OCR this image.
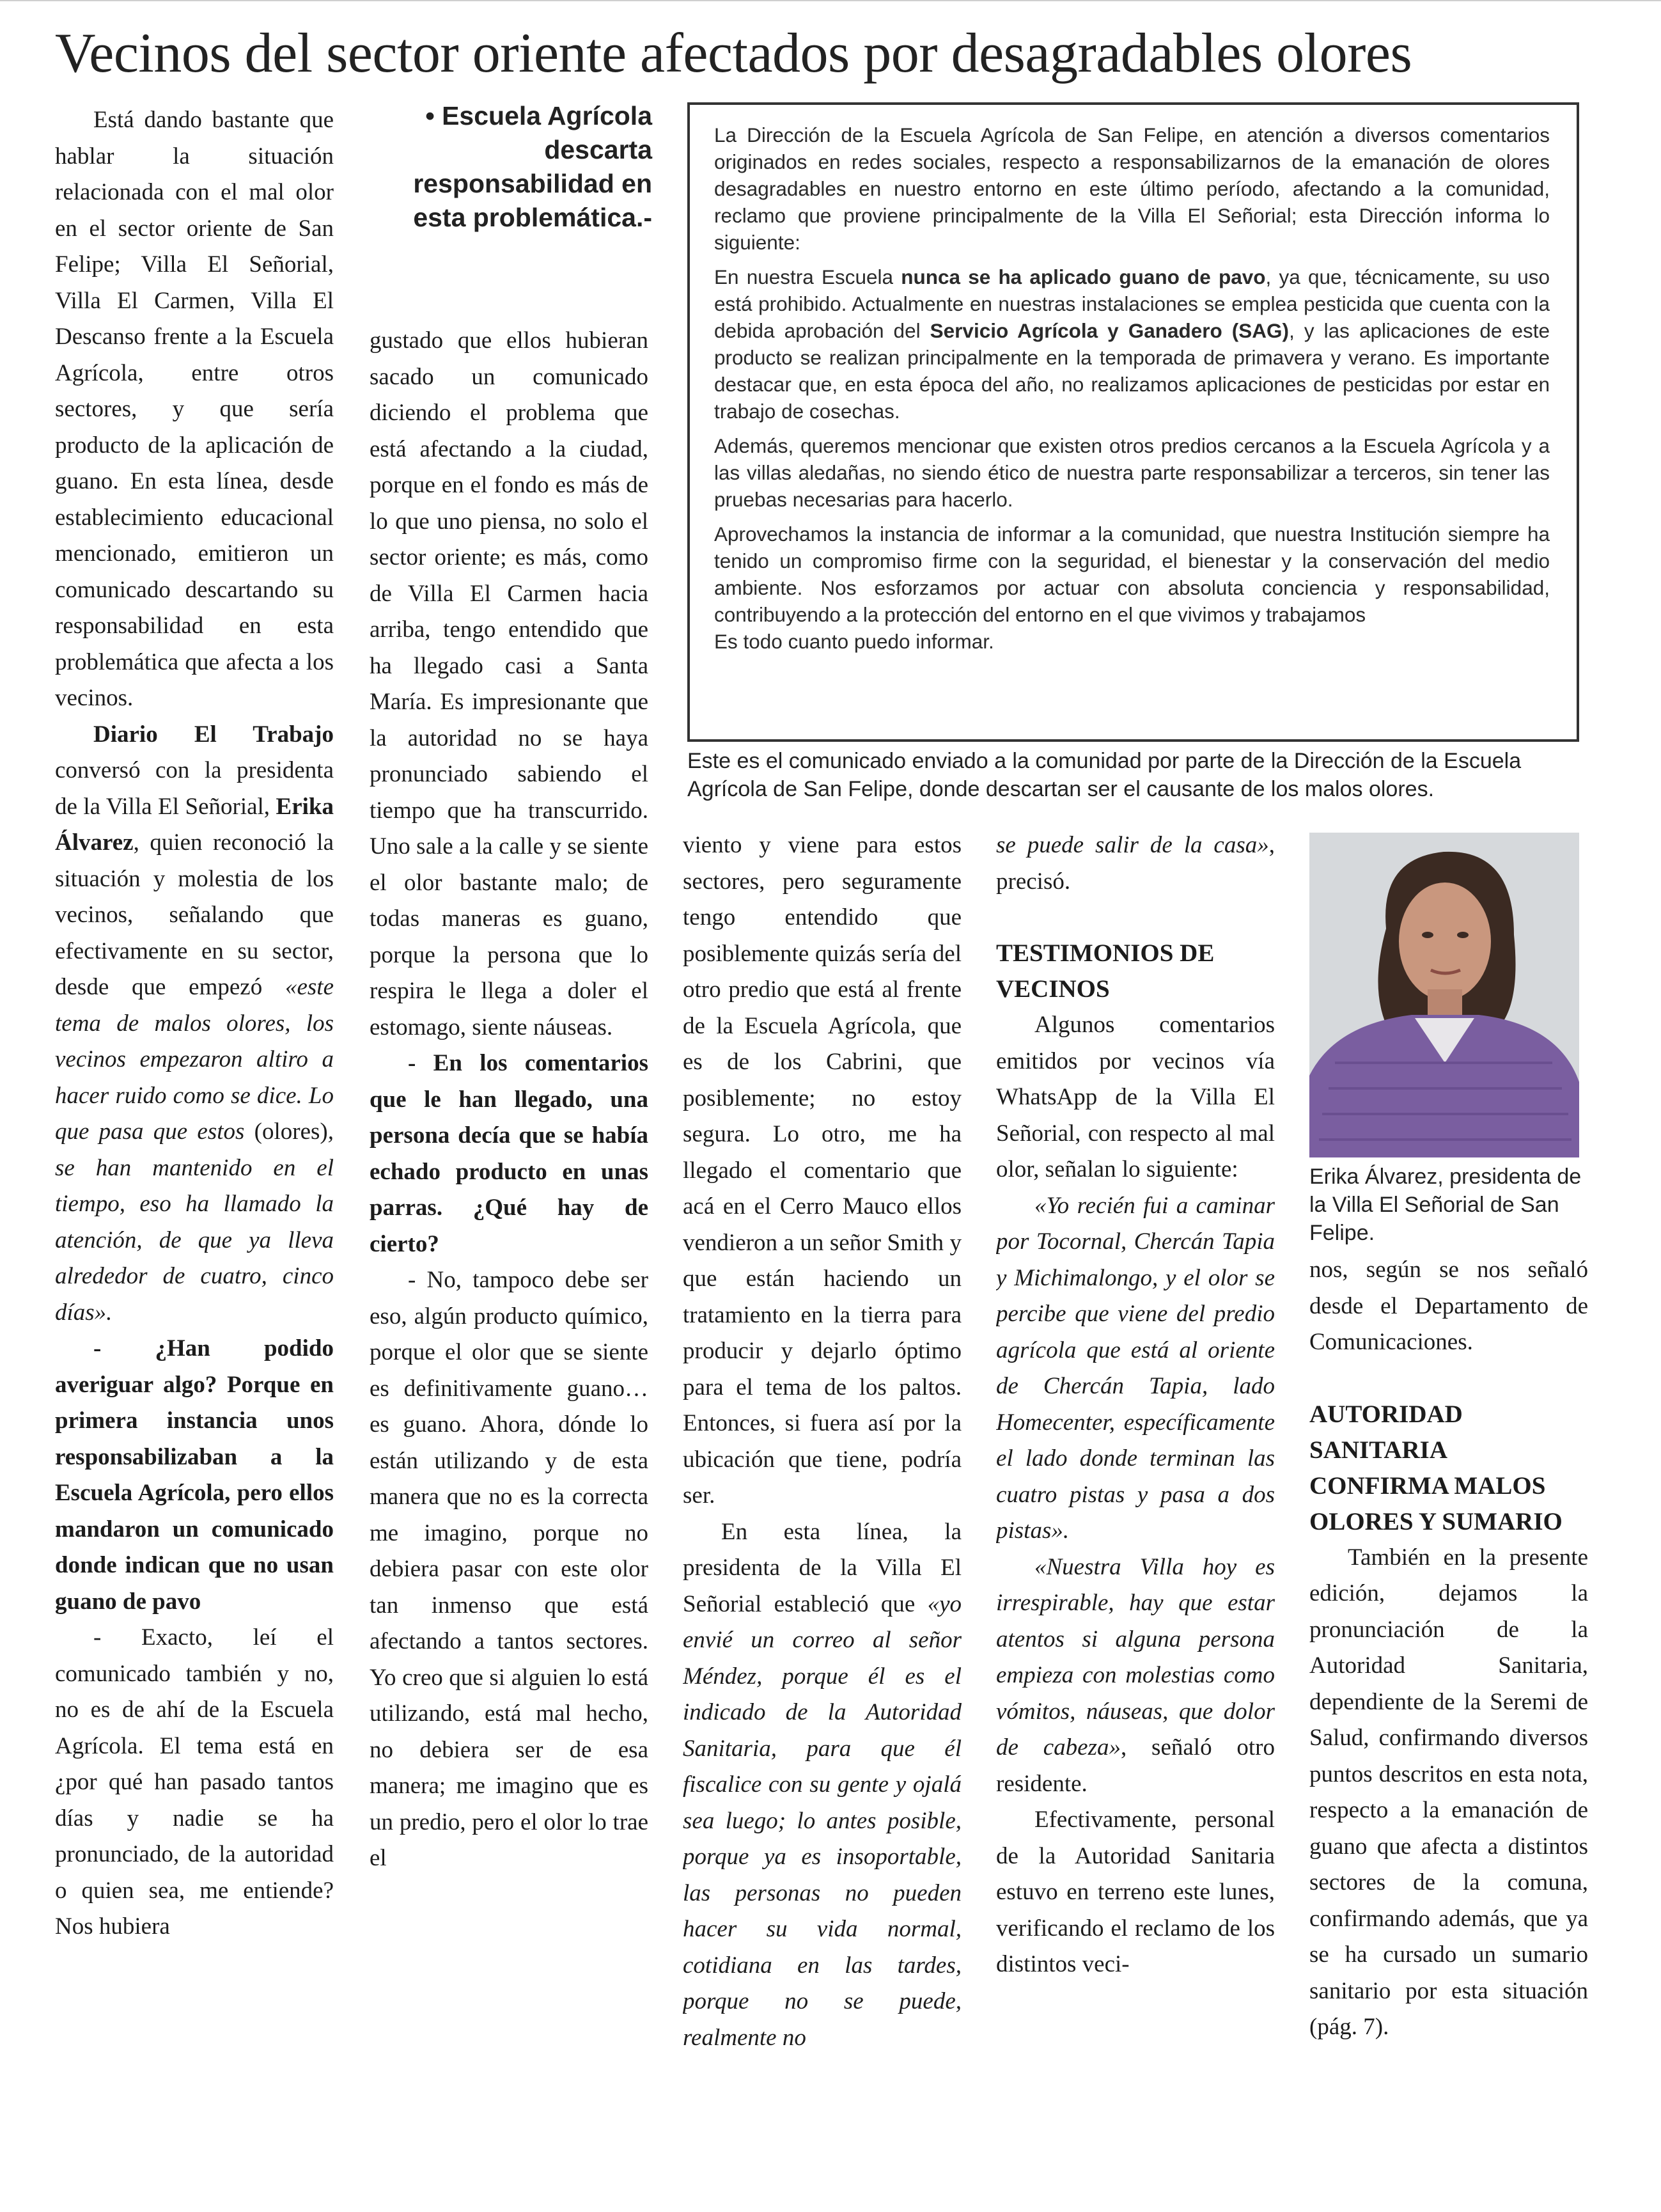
Vecinos del sector oriente afectados por desagradables olores

Está dando bastante que hablar la situación relacionada con el mal olor en el sector oriente de San Felipe; Villa El Señorial, Villa El Carmen, Villa El Descanso frente a la Escuela Agrícola, entre otros sectores, y que sería producto de la aplicación de guano. En esta línea, desde establecimiento educacional mencionado, emitieron un comunicado descartando su responsabilidad en esta problemática que afecta a los vecinos.

Diario El Trabajo conversó con la presidenta de la Villa El Señorial, Erika Álvarez, quien reconoció la situación y molestia de los vecinos, señalando que efectivamente en su sector, desde que empezó «este tema de malos olores, los vecinos empezaron altiro a hacer ruido como se dice. Lo que pasa que estos (olores), se han mantenido en el tiempo, eso ha llamado la atención, de que ya lleva alrededor de cuatro, cinco días».

- ¿Han podido averiguar algo? Porque en primera instancia unos responsabilizaban a la Escuela Agrícola, pero ellos mandaron un comunicado donde indican que no usan guano de pavo

- Exacto, leí el comunicado también y no, no es de ahí de la Escuela Agrícola. El tema está en ¿por qué han pasado tantos días y nadie se ha pronunciado, de la autoridad o quien sea, me entiende? Nos hubiera

• Escuela Agrícola descarta responsabilidad en esta problemática.-

gustado que ellos hubieran sacado un comunicado diciendo el problema que está afectando a la ciudad, porque en el fondo es más de lo que uno piensa, no solo el sector oriente; es más, como de Villa El Carmen hacia arriba, tengo entendido que ha llegado casi a Santa María. Es impresionante que la autoridad no se haya pronunciado sabiendo el tiempo que ha transcurrido. Uno sale a la calle y se siente el olor bastante malo; de todas maneras es guano, porque la persona que lo respira le llega a doler el estomago, siente náuseas.

- En los comentarios que le han llegado, una persona decía que se había echado producto en unas parras. ¿Qué hay de cierto?

- No, tampoco debe ser eso, algún producto químico, porque el olor que se siente es definitivamente guano… es guano. Ahora, dónde lo están utilizando y de esta manera que no es la correcta me imagino, porque no debiera pasar con este olor tan inmenso que está afectando a tantos sectores. Yo creo que si alguien lo está utilizando, está mal hecho, no debiera ser de esa manera; me imagino que es un predio, pero el olor lo trae el

La Dirección de la Escuela Agrícola de San Felipe, en atención a diversos comentarios originados en redes sociales, respecto a responsabilizarnos de la emanación de olores desagradables en nuestro entorno en este último período, afectando a la comunidad, reclamo que proviene principalmente de la Villa El Señorial; esta Dirección informa lo siguiente:

En nuestra Escuela nunca se ha aplicado guano de pavo, ya que, técnicamente, su uso está prohibido. Actualmente en nuestras instalaciones se emplea pesticida que cuenta con la debida aprobación del Servicio Agrícola y Ganadero (SAG), y las aplicaciones de este producto se realizan principalmente en la temporada de primavera y verano. Es importante destacar que, en esta época del año, no realizamos aplicaciones de pesticidas por estar en trabajo de cosechas.

Además, queremos mencionar que existen otros predios cercanos a la Escuela Agrícola y a las villas aledañas, no siendo ético de nuestra parte responsabilizar a terceros, sin tener las pruebas necesarias para hacerlo.

Aprovechamos la instancia de informar a la comunidad, que nuestra Institución siempre ha tenido un compromiso firme con la seguridad, el bienestar y la conservación del medio ambiente. Nos esforzamos por actuar con absoluta conciencia y responsabilidad, contribuyendo a la protección del entorno en el que vivimos y trabajamos

Es todo cuanto puedo informar.

Este es el comunicado enviado a la comunidad por parte de la Dirección de la Escuela Agrícola de San Felipe, donde descartan ser el causante de los malos olores.

viento y viene para estos sectores, pero seguramente tengo entendido que posiblemente quizás sería del otro predio que está al frente de la Escuela Agrícola, que es de los Cabrini, que posiblemente; no estoy segura. Lo otro, me ha llegado el comentario que acá en el Cerro Mauco ellos vendieron a un señor Smith y que están haciendo un tratamiento en la tierra para producir y dejarlo óptimo para el tema de los paltos. Entonces, si fuera así por la ubicación que tiene, podría ser.

En esta línea, la presidenta de la Villa El Señorial estableció que «yo envié un correo al señor Méndez, porque él es el indicado de la Autoridad Sanitaria, para que él fiscalice con su gente y ojalá sea luego; lo antes posible, porque ya es insoportable, las personas no pueden hacer su vida normal, cotidiana en las tardes, porque no se puede, realmente no

se puede salir de la casa», precisó.

TESTIMONIOS DE VECINOS

Algunos comentarios emitidos por vecinos vía WhatsApp de la Villa El Señorial, con respecto al mal olor, señalan lo siguiente:

«Yo recién fui a caminar por Tocornal, Chercán Tapia y Michimalongo, y el olor se percibe que viene del predio agrícola que está al oriente de Chercán Tapia, lado Homecenter, específicamente el lado donde terminan las cuatro pistas y pasa a dos pistas».

«Nuestra Villa hoy es irrespirable, hay que estar atentos si alguna persona empieza con molestias como vómitos, náuseas, que dolor de cabeza», señaló otro residente.

Efectivamente, personal de la Autoridad Sanitaria estuvo en terreno este lunes, verificando el reclamo de los distintos veci-

Erika Álvarez, presidenta de la Villa El Señorial de San Felipe.

nos, según se nos señaló desde el Departamento de Comunicaciones.

AUTORIDAD SANITARIA CONFIRMA MALOS OLORES Y SUMARIO

También en la presente edición, dejamos la pronunciación de la Autoridad Sanitaria, dependiente de la Seremi de Salud, confirmando diversos puntos descritos en esta nota, respecto a la emanación de guano que afecta a distintos sectores de la comuna, confirmando además, que ya se ha cursado un sumario sanitario por esta situación (pág. 7).
